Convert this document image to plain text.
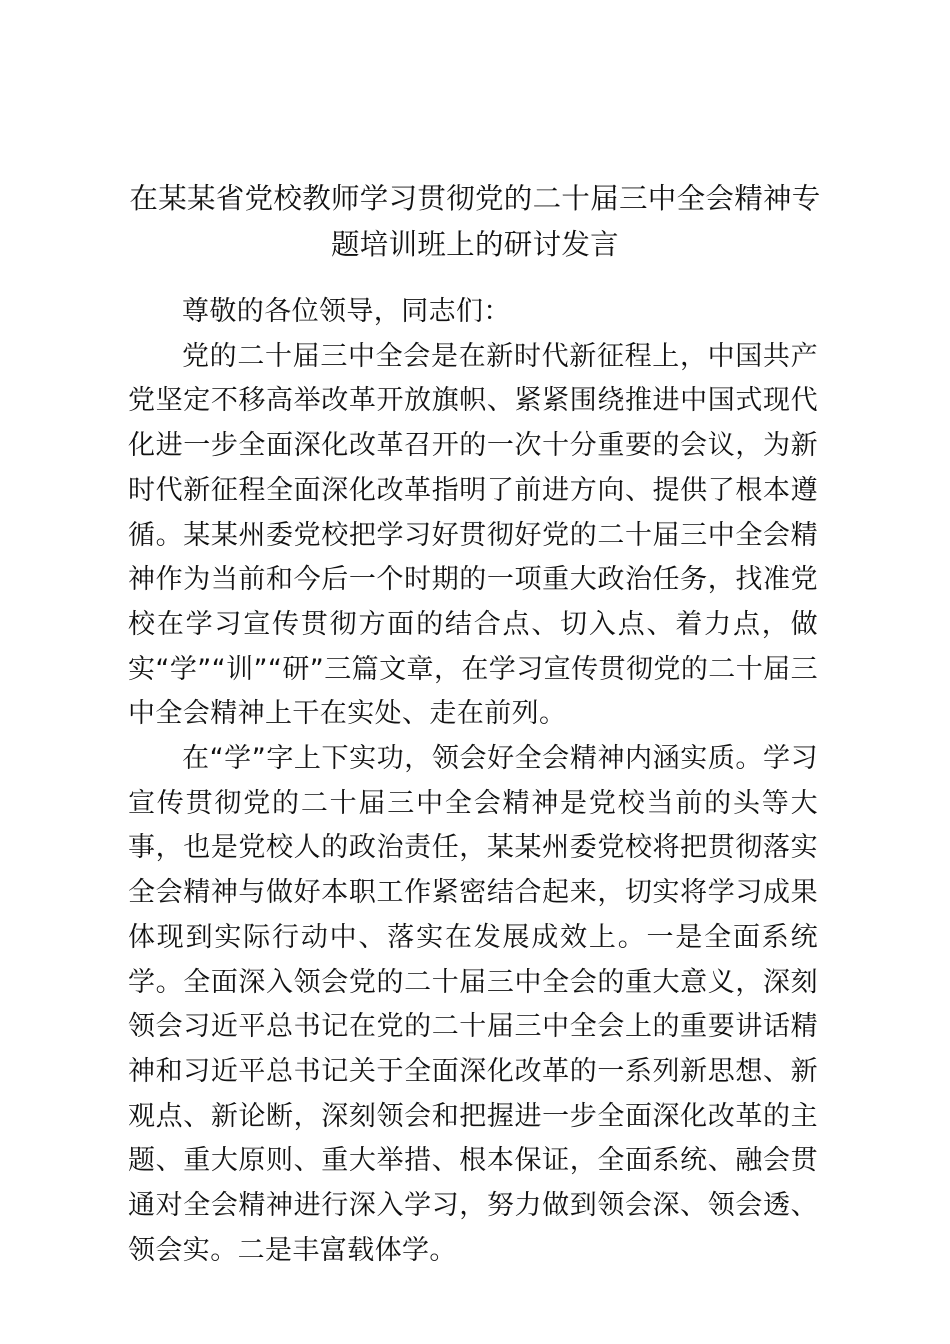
在某某省党校教师学习贯彻党的二十届三中全会精神专题培训班上的研讨发言

尊敬的各位领导，同志们：

党的二十届三中全会是在新时代新征程上，中国共产党坚定不移高举改革开放旗帜、紧紧围绕推进中国式现代化进一步全面深化改革召开的一次十分重要的会议，为新时代新征程全面深化改革指明了前进方向、提供了根本遵循。某某州委党校把学习好贯彻好党的二十届三中全会精神作为当前和今后一个时期的一项重大政治任务，找准党校在学习宣传贯彻方面的结合点、切入点、着力点，做实“学”“训”“研”三篇文章，在学习宣传贯彻党的二十届三中全会精神上干在实处、走在前列。

在“学”字上下实功，领会好全会精神内涵实质。学习宣传贯彻党的二十届三中全会精神是党校当前的头等大事，也是党校人的政治责任，某某州委党校将把贯彻落实全会精神与做好本职工作紧密结合起来，切实将学习成果体现到实际行动中、落实在发展成效上。一是全面系统学。全面深入领会党的二十届三中全会的重大意义，深刻领会习近平总书记在党的二十届三中全会上的重要讲话精神和习近平总书记关于全面深化改革的一系列新思想、新观点、新论断，深刻领会和把握进一步全面深化改革的主题、重大原则、重大举措、根本保证，全面系统、融会贯通对全会精神进行深入学习，努力做到领会深、领会透、领会实。二是丰富载体学。
